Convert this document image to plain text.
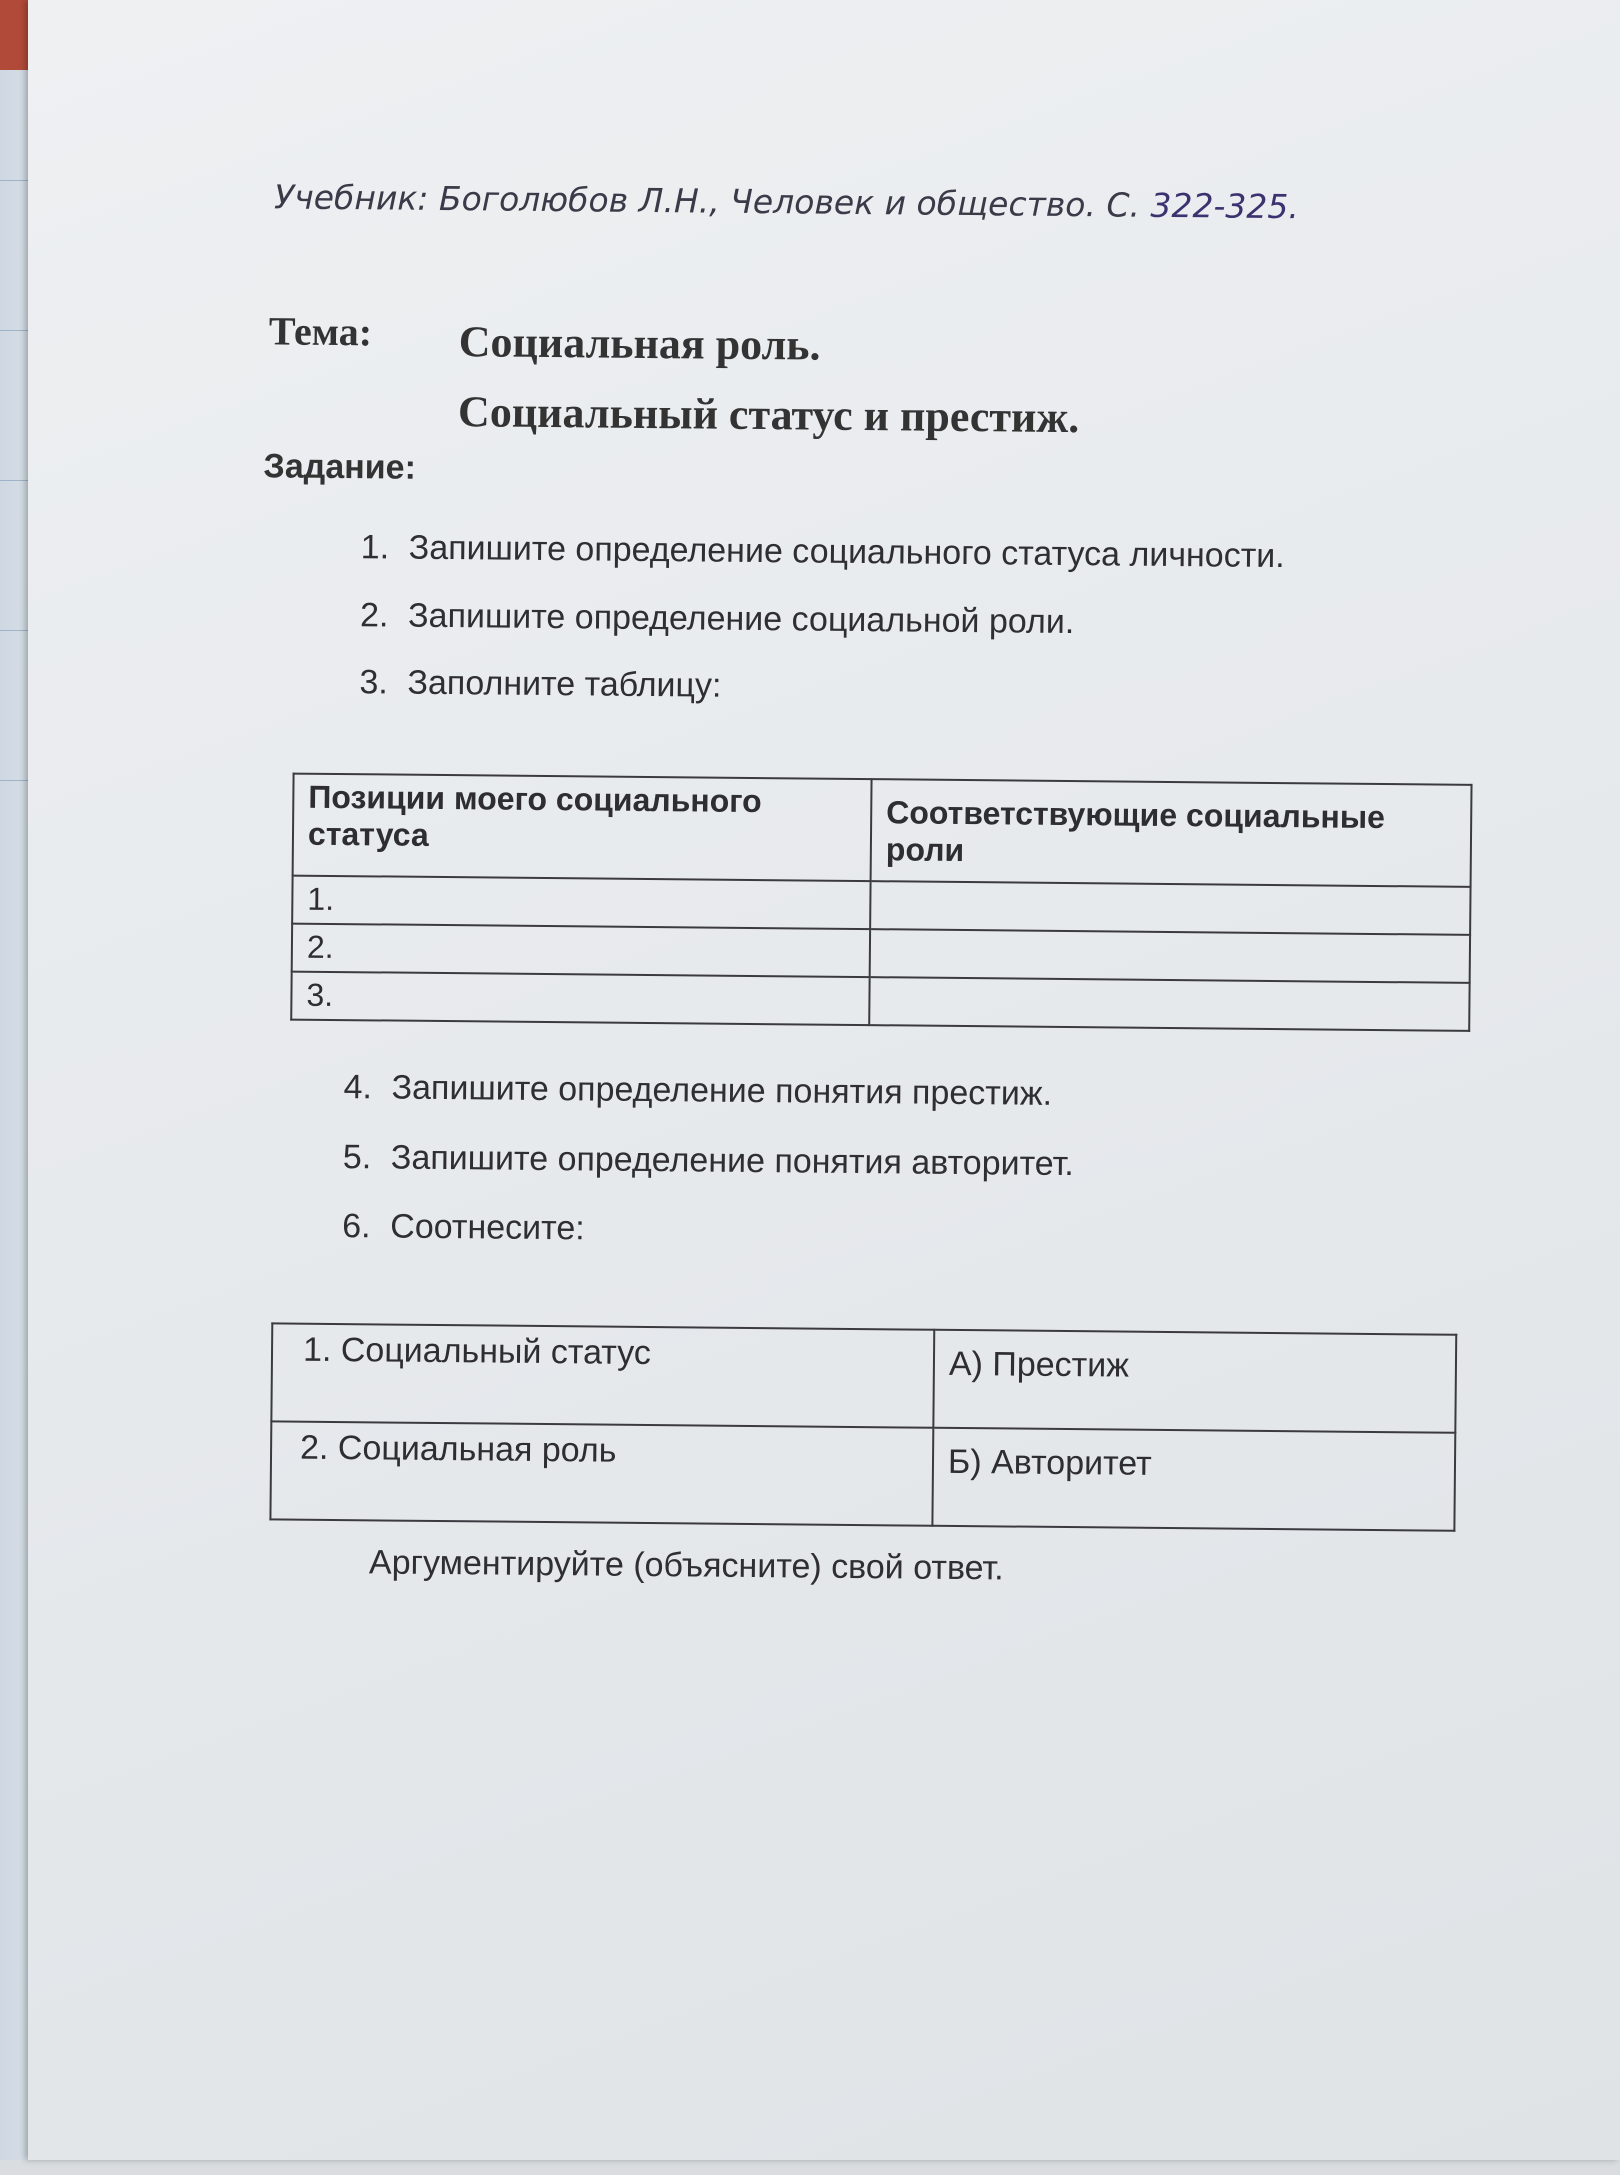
Учебник: Боголюбов Л.Н., Человек и общество. С. 322-325.
Тема: Социальная роль.
Социальный статус и престиж.
Задание:
1. Запишите определение социального статуса личности.
2. Запишите определение социальной роли.
3. Заполните таблицу:
Позиции моего социального статуса	Соответствующие социальные роли
1.	
2.	
3.	
4. Запишите определение понятия престиж.
5. Запишите определение понятия авторитет.
6. Соотнесите:
1. Социальный статус	А) Престиж
2. Социальная роль	Б) Авторитет
Аргументируйте (объясните) свой ответ.
